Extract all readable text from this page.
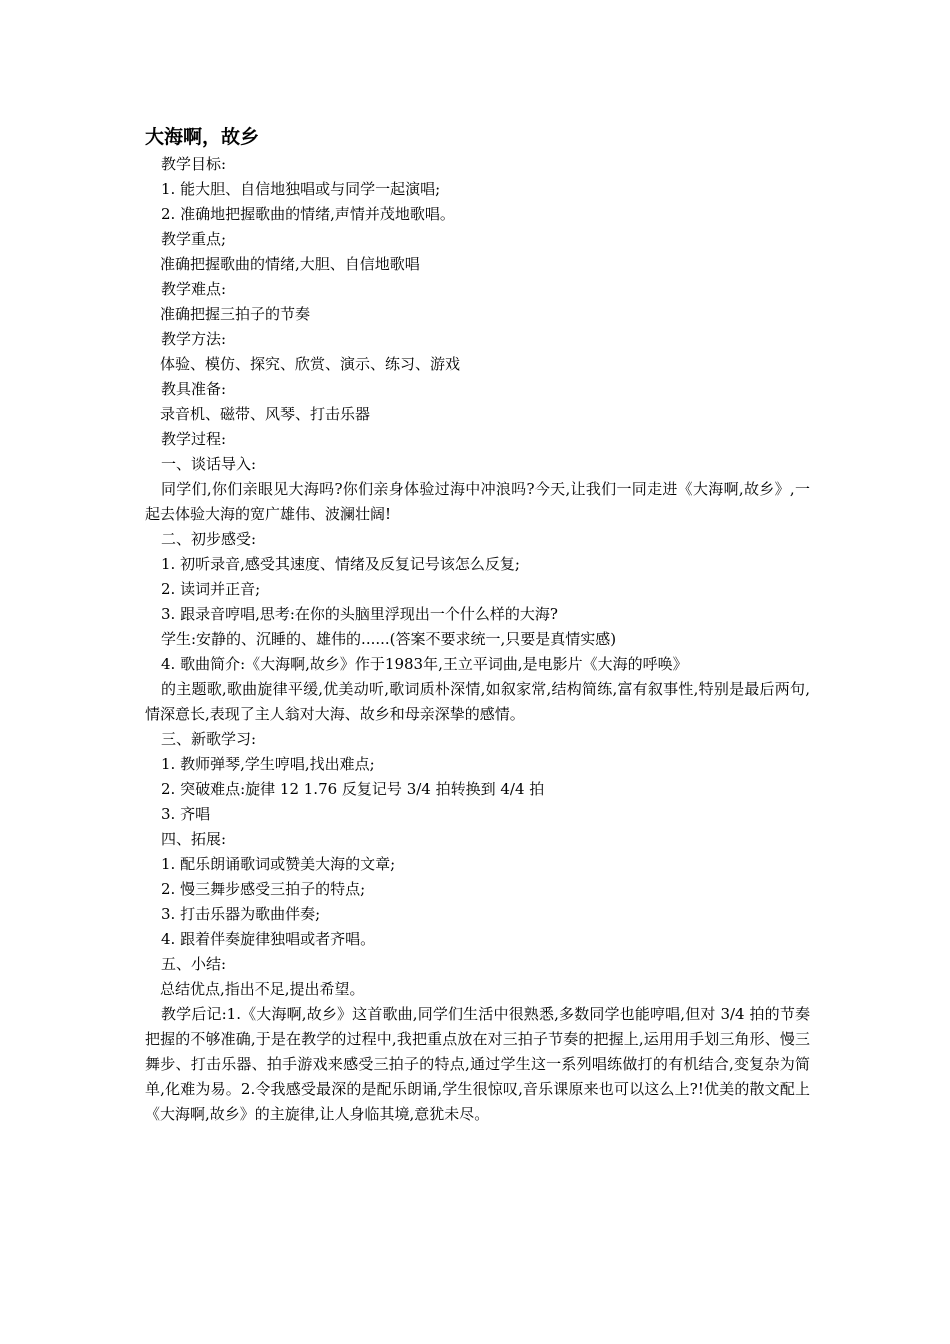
大海啊，故乡

教学目标:

1. 能大胆、自信地独唱或与同学一起演唱;

2. 准确地把握歌曲的情绪,声情并茂地歌唱。

教学重点;

准确把握歌曲的情绪,大胆、自信地歌唱

教学难点:

准确把握三拍子的节奏

教学方法:

体验、模仿、探究、欣赏、演示、练习、游戏

教具准备:

录音机、磁带、风琴、打击乐器

教学过程:

一、谈话导入:

同学们,你们亲眼见大海吗?你们亲身体验过海中冲浪吗?今天,让我们一同走进《大海啊,故乡》,一起去体验大海的宽广雄伟、波澜壮阔!

二、初步感受:

1. 初听录音,感受其速度、情绪及反复记号该怎么反复;

2. 读词并正音;

3. 跟录音哼唱,思考:在你的头脑里浮现出一个什么样的大海?

学生:安静的、沉睡的、雄伟的......(答案不要求统一,只要是真情实感)

4. 歌曲简介:《大海啊,故乡》作于1983年,王立平词曲,是电影片《大海的呼唤》

的主题歌,歌曲旋律平缓,优美动听,歌词质朴深情,如叙家常,结构简练,富有叙事性,特别是最后两句,情深意长,表现了主人翁对大海、故乡和母亲深挚的感情。

三、新歌学习:

1. 教师弹琴,学生哼唱,找出难点;

2. 突破难点:旋律 12 1.76 反复记号 3/4 拍转换到 4/4 拍

3. 齐唱

四、拓展:

1. 配乐朗诵歌词或赞美大海的文章;

2. 慢三舞步感受三拍子的特点;

3. 打击乐器为歌曲伴奏;

4. 跟着伴奏旋律独唱或者齐唱。

五、小结:

总结优点,指出不足,提出希望。

教学后记:1.《大海啊,故乡》这首歌曲,同学们生活中很熟悉,多数同学也能哼唱,但对 3/4 拍的节奏把握的不够准确,于是在教学的过程中,我把重点放在对三拍子节奏的把握上,运用用手划三角形、慢三舞步、打击乐器、拍手游戏来感受三拍子的特点,通过学生这一系列唱练做打的有机结合,变复杂为简单,化难为易。2.令我感受最深的是配乐朗诵,学生很惊叹,音乐课原来也可以这么上?!优美的散文配上《大海啊,故乡》的主旋律,让人身临其境,意犹未尽。
